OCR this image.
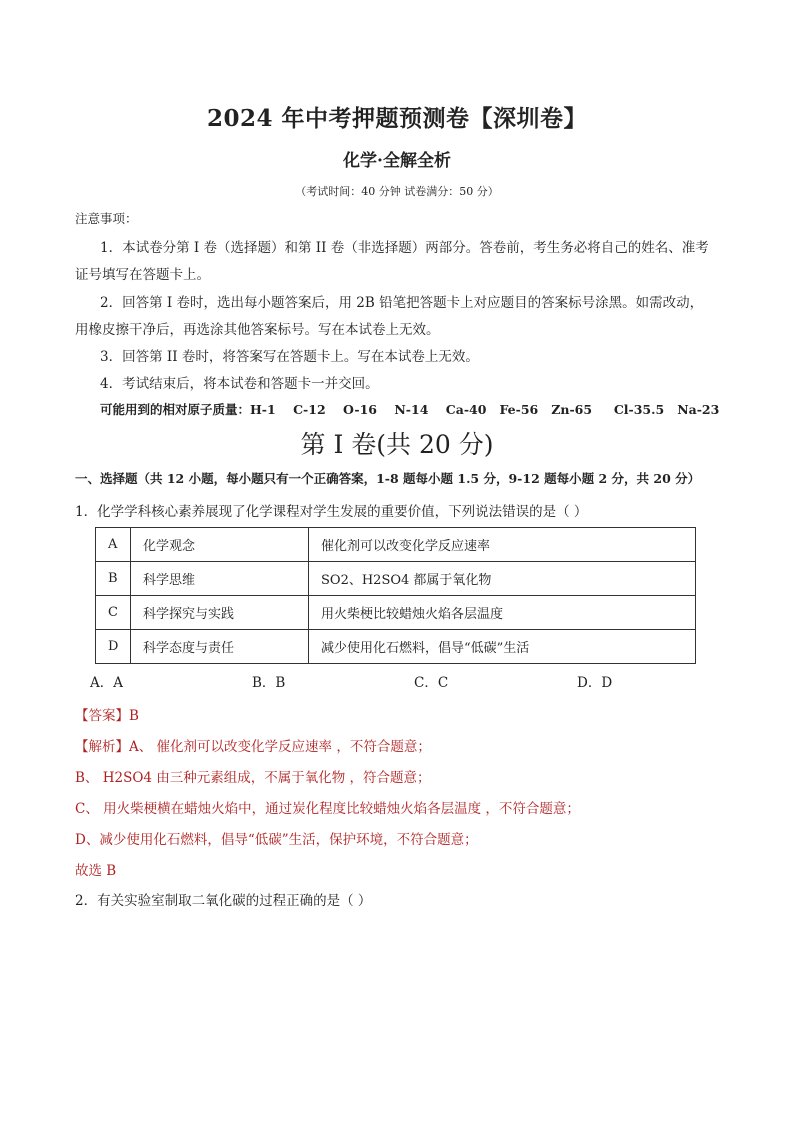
2024 年中考押题预测卷【深圳卷】
化学·全解全析
（考试时间：40 分钟 试卷满分：50 分）
注意事项：
1．本试卷分第 I 卷（选择题）和第 II 卷（非选择题）两部分。答卷前，考生务必将自己的姓名、准考
证号填写在答题卡上。
2．回答第 I 卷时，选出每小题答案后，用 2B 铅笔把答题卡上对应题目的答案标号涂黑。如需改动，
用橡皮擦干净后，再选涂其他答案标号。写在本试卷上无效。
3．回答第 II 卷时，将答案写在答题卡上。写在本试卷上无效。
4．考试结束后，将本试卷和答题卡一并交回。
可能用到的相对原子质量：H-1    C-12    O-16    N-14    Ca-40   Fe-56   Zn-65     Cl-35.5   Na-23
第 I 卷(共 20 分)
一、选择题（共 12 小题，每小题只有一个正确答案，1-8 题每小题 1.5 分，9-12 题每小题 2 分，共 20 分）
1．化学学科核心素养展现了化学课程对学生发展的重要价值，下列说法错误的是（ ）
A	化学观念	催化剂可以改变化学反应速率
B	科学思维	SO2、H2SO4 都属于氧化物
C	科学探究与实践	用火柴梗比较蜡烛火焰各层温度
D	科学态度与责任	减少使用化石燃料，倡导“低碳”生活
A．A	B．B	C．C	D．D
【答案】B
【解析】A、 催化剂可以改变化学反应速率 ，不符合题意；
B、 H2SO4 由三种元素组成，不属于氧化物 ，符合题意；
C、 用火柴梗横在蜡烛火焰中，通过炭化程度比较蜡烛火焰各层温度 ，不符合题意；
D、减少使用化石燃料，倡导“低碳”生活，保护环境，不符合题意；
故选 B
2．有关实验室制取二氧化碳的过程正确的是（ ）
